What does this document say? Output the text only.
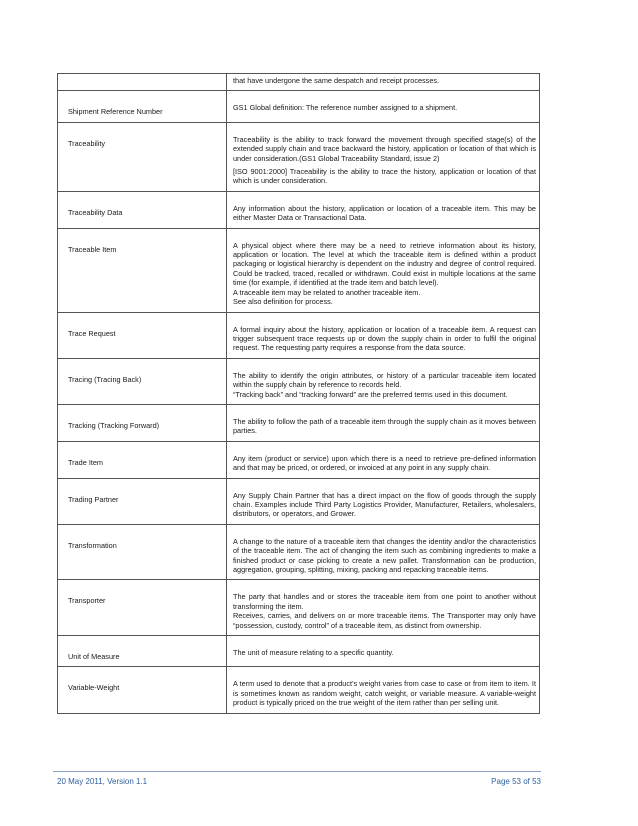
	that have undergone the same despatch and receipt processes.

Shipment Reference Number	GS1 Global definition: The reference number assigned to a shipment.

Traceability	Traceability is the ability to track forward the movement through specified stage(s) of the extended supply chain and trace backward the history, application or location of that which is under consideration.(GS1 Global Traceability Standard, issue 2)
[ISO 9001:2000] Traceability is the ability to trace the history, application or location of that which is under consideration.

Traceability Data	Any information about the history, application or location of a traceable item. This may be either Master Data or Transactional Data.

Traceable Item	A physical object where there may be a need to retrieve information about its history, application or location. The level at which the traceable item is defined within a product packaging or logistical hierarchy is dependent on the industry and degree of control required. Could be tracked, traced, recalled or withdrawn. Could exist in multiple locations at the same time (for example, if identified at the trade item and batch level).
A traceable item may be related to another traceable item.
See also definition for process.

Trace Request	A formal inquiry about the history, application or location of a traceable item. A request can trigger subsequent trace requests up or down the supply chain in order to fulfil the original request. The requesting party requires a response from the data source.

Tracing (Tracing Back)	The ability to identify the origin attributes, or history of a particular traceable item located within the supply chain by reference to records held.
“Tracking back” and “tracking forward” are the preferred terms used in this document.

Tracking (Tracking Forward)	The ability to follow the path of a traceable item through the supply chain as it moves between parties.

Trade Item	Any item (product or service) upon which there is a need to retrieve pre-defined information and that may be priced, or ordered, or invoiced at any point in any supply chain.

Trading Partner	Any Supply Chain Partner that has a direct impact on the flow of goods through the supply chain. Examples include Third Party Logistics Provider, Manufacturer, Retailers, wholesalers, distributors, or operators, and Grower.

Transformation	A change to the nature of a traceable item that changes the identity and/or the characteristics of the traceable item. The act of changing the item such as combining ingredients to make a finished product or case picking to create a new pallet. Transformation can be production, aggregation, grouping, splitting, mixing, packing and repacking traceable items.

Transporter	The party that handles and or stores the traceable item from one point to another without transforming the item.
Receives, carries, and delivers on or more traceable items. The Transporter may only have “possession, custody, control” of a traceable item, as distinct from ownership.

Unit of Measure	The unit of measure relating to a specific quantity.

Variable-Weight	A term used to denote that a product’s weight varies from case to case or from item to item. It is sometimes known as random weight, catch weight, or variable measure. A variable-weight product is typically priced on the true weight of the item rather than per selling unit.
20 May 2011, Version 1.1	Page 53 of 53
